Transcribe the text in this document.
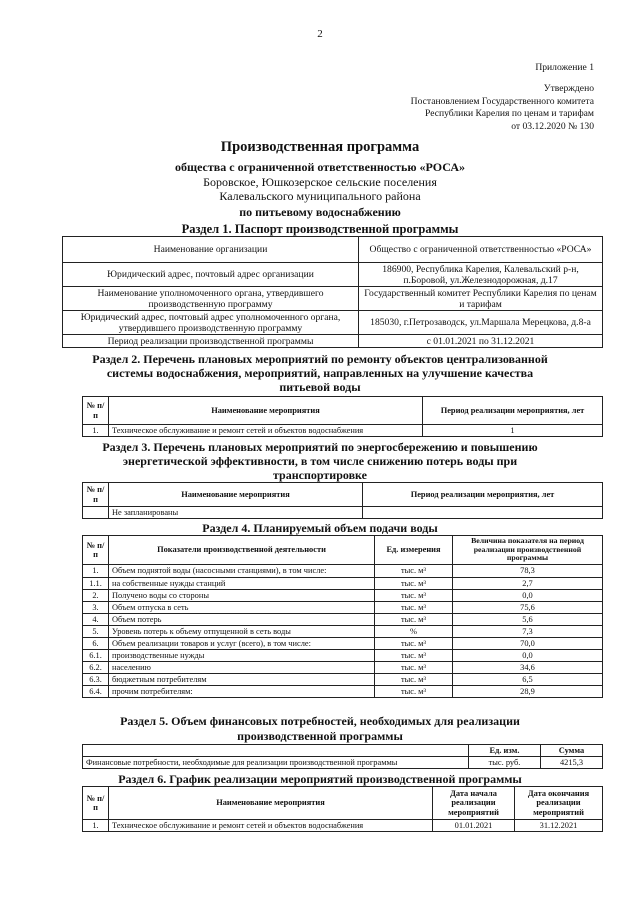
2
Приложение 1
Утверждено
Постановлением Государственного комитета
Республики Карелия по ценам и тарифам
от 03.12.2020 № 130
Производственная программа
общества с ограниченной ответственностью «РОСА»
Боровское, Юшкозерское сельские поселения
Калевальского муниципального района
по питьевому водоснабжению
Раздел 1. Паспорт производственной программы
Наименование организации	Общество с ограниченной ответственностью «РОСА»
Юридический адрес, почтовый адрес организации	186900, Республика Карелия, Калевальский р-н, п.Боровой, ул.Железнодорожная, д.17
Наименование уполномоченного органа, утвердившего производственную программу	Государственный комитет Республики Карелия по ценам и тарифам
Юридический адрес, почтовый адрес уполномоченного органа, утвердившего производственную программу	185030, г.Петрозаводск, ул.Маршала Мерецкова, д.8-а
Период реализации производственной программы	с 01.01.2021 по 31.12.2021
Раздел 2. Перечень плановых мероприятий по ремонту объектов централизованной
системы водоснабжения, мероприятий, направленных на улучшение качества
питьевой воды
№ п/п	Наименование мероприятия	Период реализации мероприятия, лет
1.	Техническое обслуживание и ремонт сетей и объектов водоснабжения	1
Раздел 3. Перечень плановых мероприятий по энергосбережению и повышению
энергетической эффективности, в том числе снижению потерь воды при
транспортировке
№ п/п	Наименование мероприятия	Период реализации мероприятия, лет
	Не запланированы	
Раздел 4. Планируемый объем подачи воды
№ п/п	Показатели производственной деятельности	Ед. измерения	Величина показателя на период реализации производственной программы
1.	Объем поднятой воды (насосными станциями), в том числе:	тыс. м³	78,3
1.1.	на собственные нужды станций	тыс. м³	2,7
2.	Получено воды со стороны	тыс. м³	0,0
3.	Объем отпуска в сеть	тыс. м³	75,6
4.	Объем потерь	тыс. м³	5,6
5.	Уровень потерь к объему отпущенной в сеть воды	%	7,3
6.	Объем реализации товаров и услуг (всего), в том числе:	тыс. м³	70,0
6.1.	производственные нужды	тыс. м³	0,0
6.2.	населению	тыс. м³	34,6
6.3.	бюджетным потребителям	тыс. м³	6,5
6.4.	прочим потребителям:	тыс. м³	28,9
Раздел 5. Объем финансовых потребностей, необходимых для реализации
производственной программы
	Ед. изм.	Сумма
Финансовые потребности, необходимые для реализации производственной программы	тыс. руб.	4215,3
Раздел 6. График реализации мероприятий производственной программы
№ п/п	Наименование мероприятия	Дата начала реализации мероприятий	Дата окончания реализации мероприятий
1.	Техническое обслуживание и ремонт сетей и объектов водоснабжения	01.01.2021	31.12.2021
